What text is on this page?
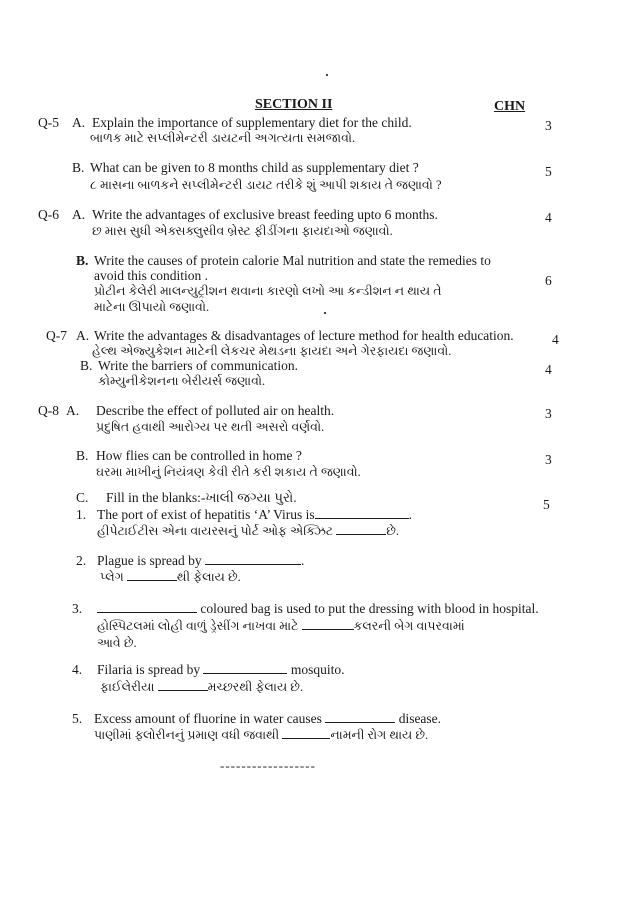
SECTION II	CHN
Q-5 A. Explain the importance of supplementary diet for the child.
બાળક માટે સપ્લીમેન્ટરી ડાયટની અગત્યતા સમજાવો.
3
B. What can be given to 8 months child as supplementary diet ?
૮ માસના બાળકને સપ્લીમેન્ટરી ડાયટ તરીકે શું આપી શકાય તે જણાવો ?
5
Q-6 A. Write the advantages of exclusive breast feeding upto 6 months.
છ માસ સુધી એક્સક્લુસીવ બ્રેસ્ટ ફીડીંગના ફાયદાઓ જણાવો.
4
B. Write the causes of protein calorie Mal nutrition and state the remedies to
avoid this condition .
પ્રોટીન કેલેરી માલન્યુટ્રીશન થવાના કારણો લખો આ કન્ડીશન ન થાય તે
માટેના ઊપાયો જણાવો.
6
Q-7 A. Write the advantages & disadvantages of lecture method for health education.
હેલ્થ એજ્યુકેશન માટેની લેકચર મેથડના ફાયદા અને ગેરફાયદા જણાવો.
4
B. Write the barriers of communication.
કોમ્યુનીકેશનના બેરીયર્સ જણાવો.
4
Q-8 A. Describe the effect of polluted air on health.
પ્રદુષિત હવાથી આરોગ્ય પર થતી અસરો વર્ણવો.
3
B. How flies can be controlled in home ?
ઘરમા માખીનું નિયંત્રણ કેવી રીતે કરી શકાય તે જણાવો.
3
C. Fill in the blanks:-ખાલી જગ્યા પુરો.	5
1. The port of exist of hepatitis ‘A’ Virus is	.
હીપેટાઈટીસ એના વાયરસનું પોર્ટ ઓફ એક્ઝિટ	છે.
2. Plague is spread by	.
પ્લેગ	થી ફેલાય છે.
3.	coloured bag is used to put the dressing with blood in hospital.
હોસ્પિટલમાં લોહી વાળું ડ્રેસીંગ નાખવા માટે	કલરની બેગ વાપરવામાં
આવે છે.
4. Filaria is spread by	mosquito.
ફાઈલેરીયા	મચ્છરથી ફેલાય છે.
5. Excess amount of fluorine in water causes	disease.
પાણીમાં ફ્લોરીનનું પ્રમાણ વધી જવાથી	નામની રોગ થાય છે.
------------------
